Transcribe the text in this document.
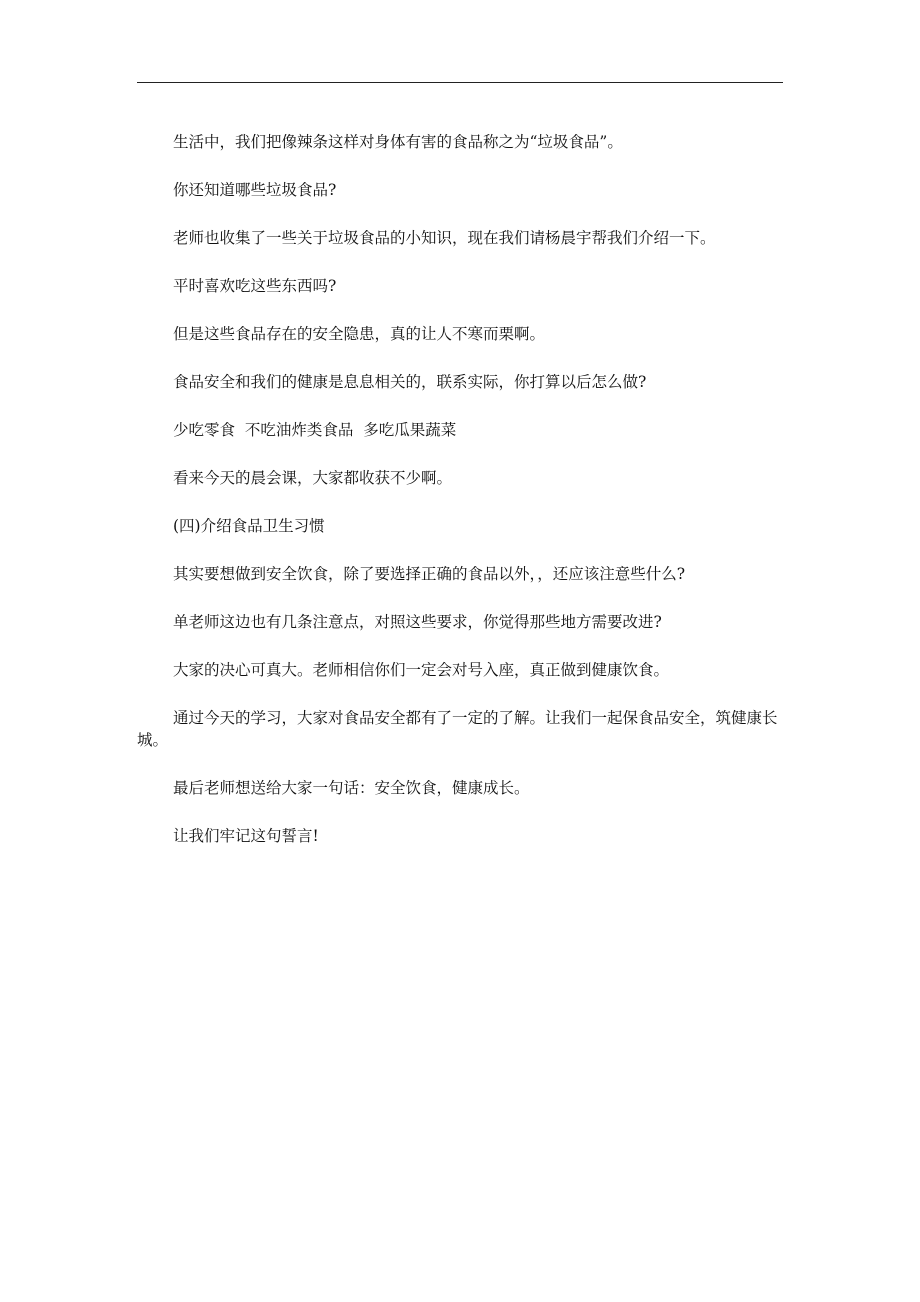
生活中，我们把像辣条这样对身体有害的食品称之为“垃圾食品”。

你还知道哪些垃圾食品?

老师也收集了一些关于垃圾食品的小知识，现在我们请杨晨宇帮我们介绍一下。

平时喜欢吃这些东西吗?

但是这些食品存在的安全隐患，真的让人不寒而栗啊。

食品安全和我们的健康是息息相关的，联系实际，你打算以后怎么做?

少吃零食  不吃油炸类食品  多吃瓜果蔬菜

看来今天的晨会课，大家都收获不少啊。

(四)介绍食品卫生习惯

其实要想做到安全饮食，除了要选择正确的食品以外，，还应该注意些什么?

单老师这边也有几条注意点，对照这些要求，你觉得那些地方需要改进?

大家的决心可真大。老师相信你们一定会对号入座，真正做到健康饮食。

通过今天的学习，大家对食品安全都有了一定的了解。让我们一起保食品安全，筑健康长城。

最后老师想送给大家一句话：安全饮食，健康成长。

让我们牢记这句誓言!
